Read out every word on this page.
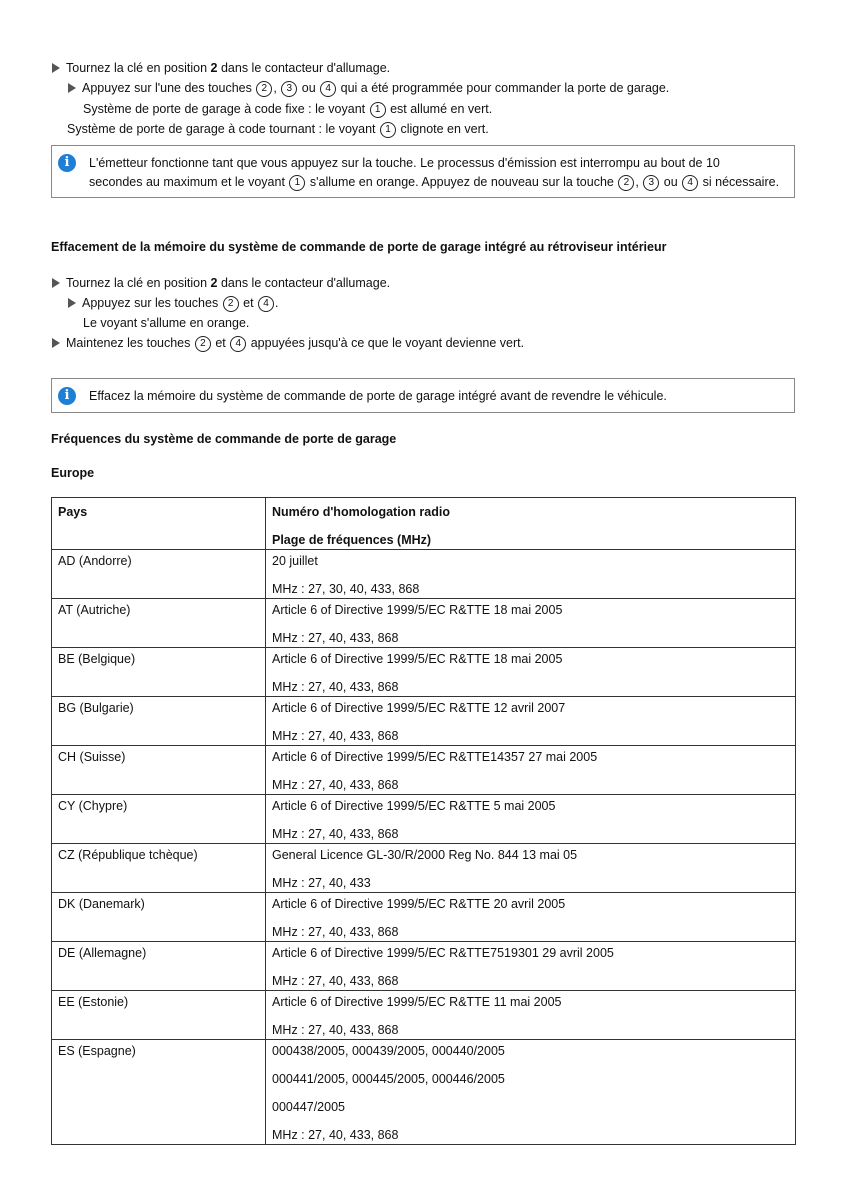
Tournez la clé en position 2 dans le contacteur d'allumage.
Appuyez sur l'une des touches 2, 3 ou 4 qui a été programmée pour commander la porte de garage.
Système de porte de garage à code fixe : le voyant 1 est allumé en vert.
Système de porte de garage à code tournant : le voyant 1 clignote en vert.
i	L'émetteur fonctionne tant que vous appuyez sur la touche. Le processus d'émission est interrompu au bout de 10
secondes au maximum et le voyant 1 s'allume en orange. Appuyez de nouveau sur la touche 2, 3 ou 4 si nécessaire.
Effacement de la mémoire du système de commande de porte de garage intégré au rétroviseur intérieur
Tournez la clé en position 2 dans le contacteur d'allumage.
Appuyez sur les touches 2 et 4.
Le voyant s'allume en orange.
Maintenez les touches 2 et 4 appuyées jusqu'à ce que le voyant devienne vert.
i	Effacez la mémoire du système de commande de porte de garage intégré avant de revendre le véhicule.
Fréquences du système de commande de porte de garage
Europe
Pays	Numéro d'homologation radio
Plage de fréquences (MHz)

AD (Andorre)	20 juillet
MHz : 27, 30, 40, 433, 868

AT (Autriche)	Article 6 of Directive 1999/5/EC R&TTE 18 mai 2005
MHz : 27, 40, 433, 868

BE (Belgique)	Article 6 of Directive 1999/5/EC R&TTE 18 mai 2005
MHz : 27, 40, 433, 868

BG (Bulgarie)	Article 6 of Directive 1999/5/EC R&TTE 12 avril 2007
MHz : 27, 40, 433, 868

CH (Suisse)	Article 6 of Directive 1999/5/EC R&TTE14357 27 mai 2005
MHz : 27, 40, 433, 868

CY (Chypre)	Article 6 of Directive 1999/5/EC R&TTE 5 mai 2005
MHz : 27, 40, 433, 868

CZ (République tchèque)	General Licence GL-30/R/2000 Reg No. 844 13 mai 05
MHz : 27, 40, 433

DK (Danemark)	Article 6 of Directive 1999/5/EC R&TTE 20 avril 2005
MHz : 27, 40, 433, 868

DE (Allemagne)	Article 6 of Directive 1999/5/EC R&TTE7519301 29 avril 2005
MHz : 27, 40, 433, 868

EE (Estonie)	Article 6 of Directive 1999/5/EC R&TTE 11 mai 2005
MHz : 27, 40, 433, 868

ES (Espagne)	000438/2005, 000439/2005, 000440/2005
000441/2005, 000445/2005, 000446/2005
000447/2005
MHz : 27, 40, 433, 868
